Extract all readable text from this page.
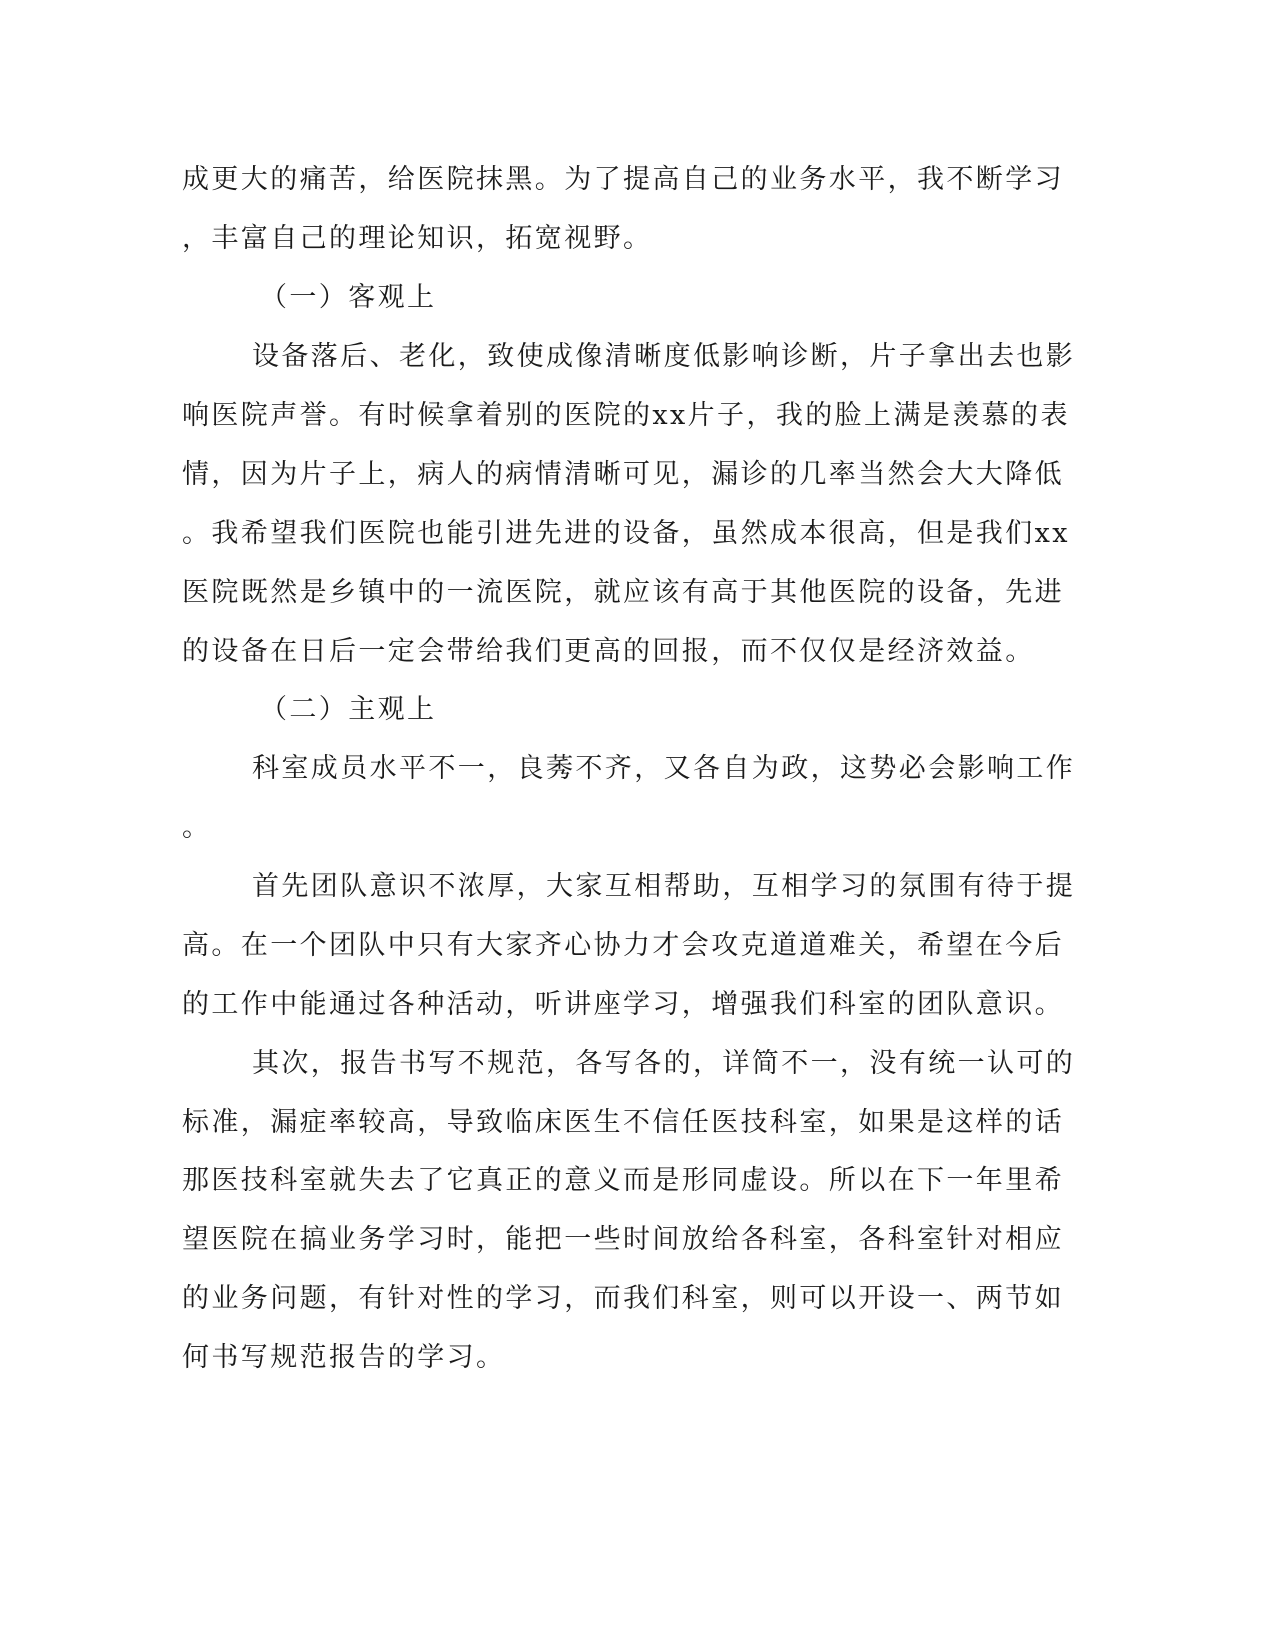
成更大的痛苦，给医院抹黑。为了提高自己的业务水平，我不断学习
，丰富自己的理论知识，拓宽视野。
（一）客观上
设备落后、老化，致使成像清晰度低影响诊断，片子拿出去也影
响医院声誉。有时候拿着别的医院的xx片子，我的脸上满是羡慕的表
情，因为片子上，病人的病情清晰可见，漏诊的几率当然会大大降低
。我希望我们医院也能引进先进的设备，虽然成本很高，但是我们xx
医院既然是乡镇中的一流医院，就应该有高于其他医院的设备，先进
的设备在日后一定会带给我们更高的回报，而不仅仅是经济效益。
（二）主观上
科室成员水平不一，良莠不齐，又各自为政，这势必会影响工作
。
首先团队意识不浓厚，大家互相帮助，互相学习的氛围有待于提
高。在一个团队中只有大家齐心协力才会攻克道道难关，希望在今后
的工作中能通过各种活动，听讲座学习，增强我们科室的团队意识。
其次，报告书写不规范，各写各的，详简不一，没有统一认可的
标准，漏症率较高，导致临床医生不信任医技科室，如果是这样的话
那医技科室就失去了它真正的意义而是形同虚设。所以在下一年里希
望医院在搞业务学习时，能把一些时间放给各科室，各科室针对相应
的业务问题，有针对性的学习，而我们科室，则可以开设一、两节如
何书写规范报告的学习。
